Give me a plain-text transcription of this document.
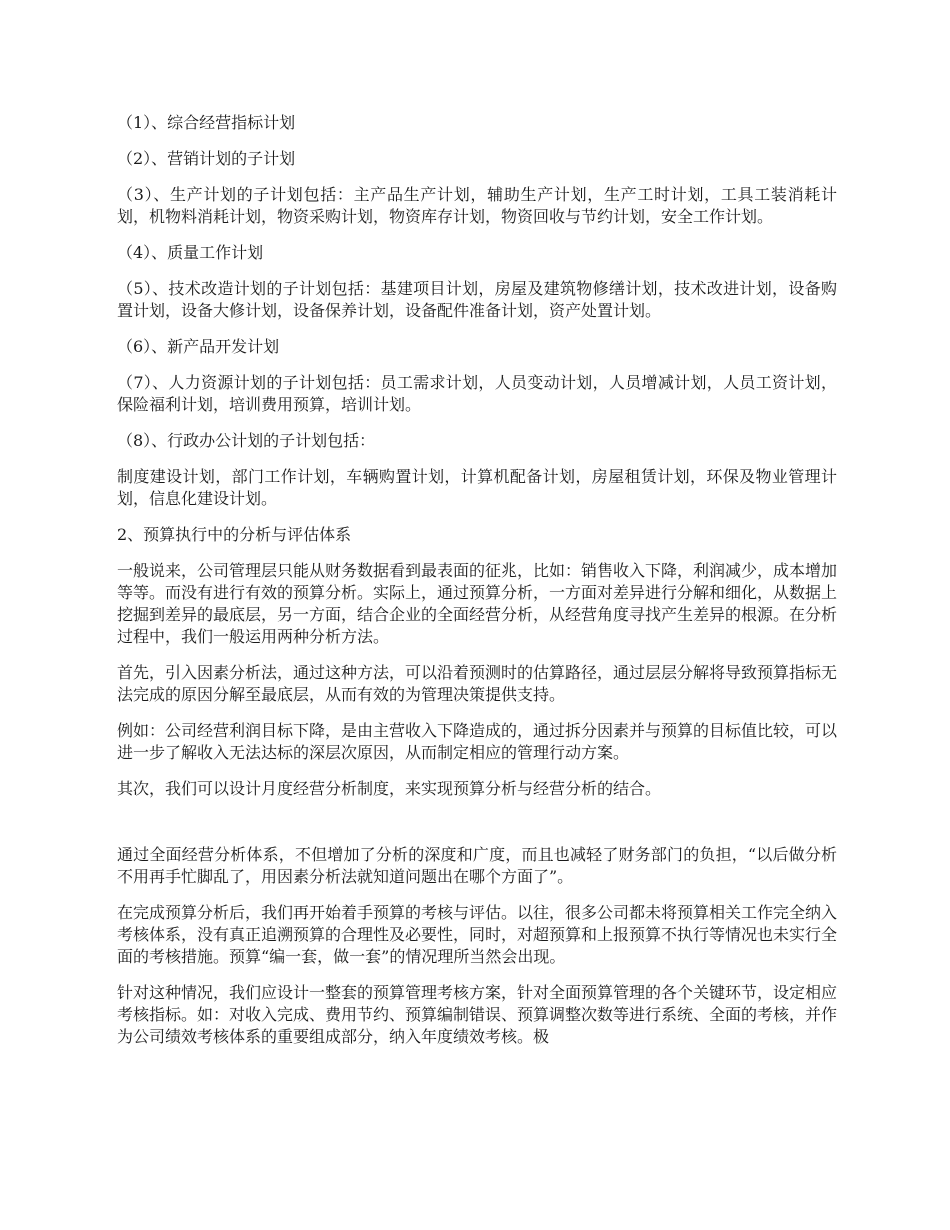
（1）、综合经营指标计划

（2）、营销计划的子计划

（3）、生产计划的子计划包括：主产品生产计划，辅助生产计划，生产工时计划，工具工装消耗计划，机物料消耗计划，物资采购计划，物资库存计划，物资回收与节约计划，安全工作计划。

（4）、质量工作计划

（5）、技术改造计划的子计划包括：基建项目计划，房屋及建筑物修缮计划，技术改进计划，设备购置计划，设备大修计划，设备保养计划，设备配件准备计划，资产处置计划。

（6）、新产品开发计划

（7）、人力资源计划的子计划包括：员工需求计划，人员变动计划，人员增减计划，人员工资计划，保险福利计划，培训费用预算，培训计划。

（8）、行政办公计划的子计划包括：

制度建设计划，部门工作计划，车辆购置计划，计算机配备计划，房屋租赁计划，环保及物业管理计划，信息化建设计划。

2、预算执行中的分析与评估体系

一般说来，公司管理层只能从财务数据看到最表面的征兆，比如：销售收入下降，利润减少，成本增加等等。而没有进行有效的预算分析。实际上，通过预算分析，一方面对差异进行分解和细化，从数据上挖掘到差异的最底层，另一方面，结合企业的全面经营分析，从经营角度寻找产生差异的根源。在分析过程中，我们一般运用两种分析方法。

首先，引入因素分析法，通过这种方法，可以沿着预测时的估算路径，通过层层分解将导致预算指标无法完成的原因分解至最底层，从而有效的为管理决策提供支持。

例如：公司经营利润目标下降，是由主营收入下降造成的，通过拆分因素并与预算的目标值比较，可以进一步了解收入无法达标的深层次原因，从而制定相应的管理行动方案。

其次，我们可以设计月度经营分析制度，来实现预算分析与经营分析的结合。

通过全面经营分析体系，不但增加了分析的深度和广度，而且也减轻了财务部门的负担，“以后做分析不用再手忙脚乱了，用因素分析法就知道问题出在哪个方面了”。

在完成预算分析后，我们再开始着手预算的考核与评估。以往，很多公司都未将预算相关工作完全纳入考核体系，没有真正追溯预算的合理性及必要性，同时，对超预算和上报预算不执行等情况也未实行全面的考核措施。预算“编一套，做一套”的情况理所当然会出现。

针对这种情况，我们应设计一整套的预算管理考核方案，针对全面预算管理的各个关键环节，设定相应考核指标。如：对收入完成、费用节约、预算编制错误、预算调整次数等进行系统、全面的考核，并作为公司绩效考核体系的重要组成部分，纳入年度绩效考核。极
